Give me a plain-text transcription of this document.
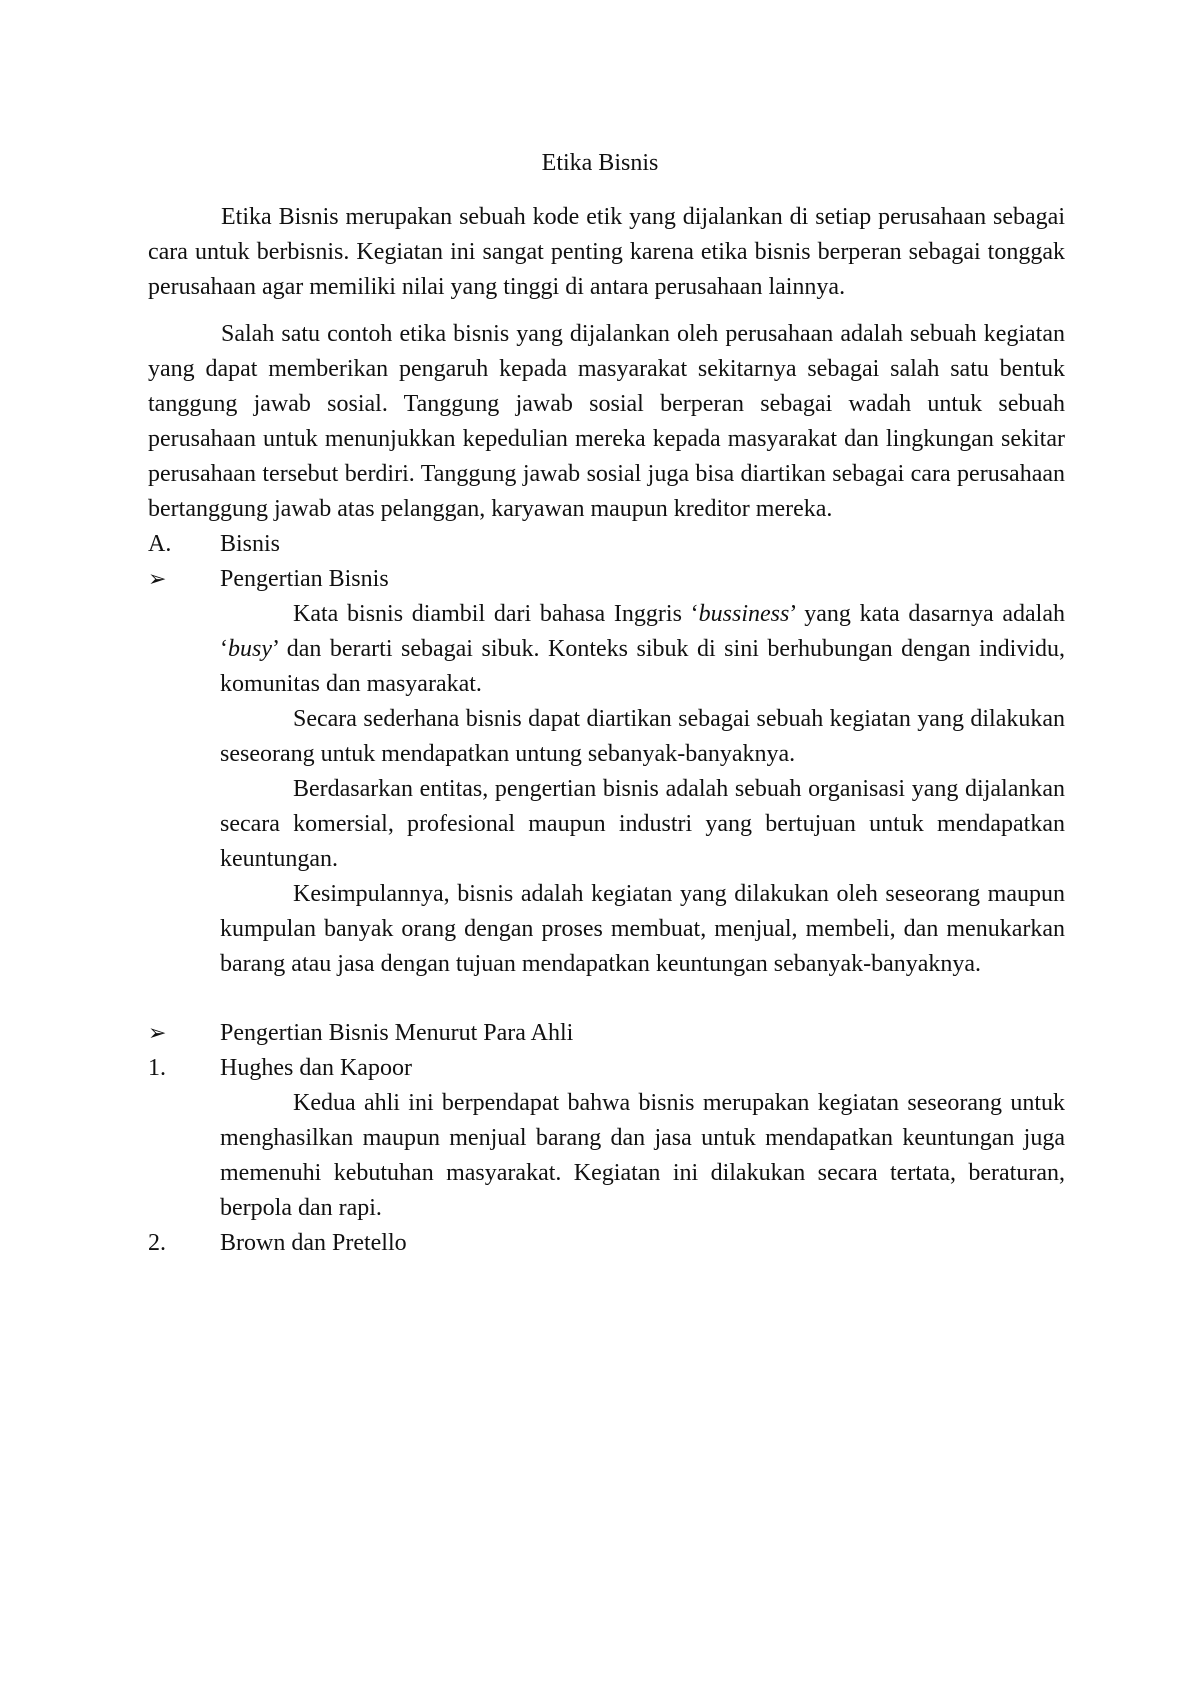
Etika Bisnis

Etika Bisnis merupakan sebuah kode etik yang dijalankan di setiap perusahaan sebagai cara untuk berbisnis. Kegiatan ini sangat penting karena etika bisnis berperan sebagai tonggak perusahaan agar memiliki nilai yang tinggi di antara perusahaan lainnya.

Salah satu contoh etika bisnis yang dijalankan oleh perusahaan adalah sebuah kegiatan yang dapat memberikan pengaruh kepada masyarakat sekitarnya sebagai salah satu bentuk tanggung jawab sosial. Tanggung jawab sosial berperan sebagai wadah untuk sebuah perusahaan untuk menunjukkan kepedulian mereka kepada masyarakat dan lingkungan sekitar perusahaan tersebut berdiri. Tanggung jawab sosial juga bisa diartikan sebagai cara perusahaan bertanggung jawab atas pelanggan, karyawan maupun kreditor mereka.

A.	Bisnis
➢	Pengertian Bisnis

Kata bisnis diambil dari bahasa Inggris ‘bussiness’ yang kata dasarnya adalah ‘busy’ dan berarti sebagai sibuk. Konteks sibuk di sini berhubungan dengan individu, komunitas dan masyarakat.

Secara sederhana bisnis dapat diartikan sebagai sebuah kegiatan yang dilakukan seseorang untuk mendapatkan untung sebanyak-banyaknya.

Berdasarkan entitas, pengertian bisnis adalah sebuah organisasi yang dijalankan secara komersial, profesional maupun industri yang bertujuan untuk mendapatkan keuntungan.

Kesimpulannya, bisnis adalah kegiatan yang dilakukan oleh seseorang maupun kumpulan banyak orang dengan proses membuat, menjual, membeli, dan menukarkan barang atau jasa dengan tujuan mendapatkan keuntungan sebanyak-banyaknya.

➢	Pengertian Bisnis Menurut Para Ahli
1.	Hughes dan Kapoor

Kedua ahli ini berpendapat bahwa bisnis merupakan kegiatan seseorang untuk menghasilkan maupun menjual barang dan jasa untuk mendapatkan keuntungan juga memenuhi kebutuhan masyarakat. Kegiatan ini dilakukan secara tertata, beraturan, berpola dan rapi.

2.	Brown dan Pretello
